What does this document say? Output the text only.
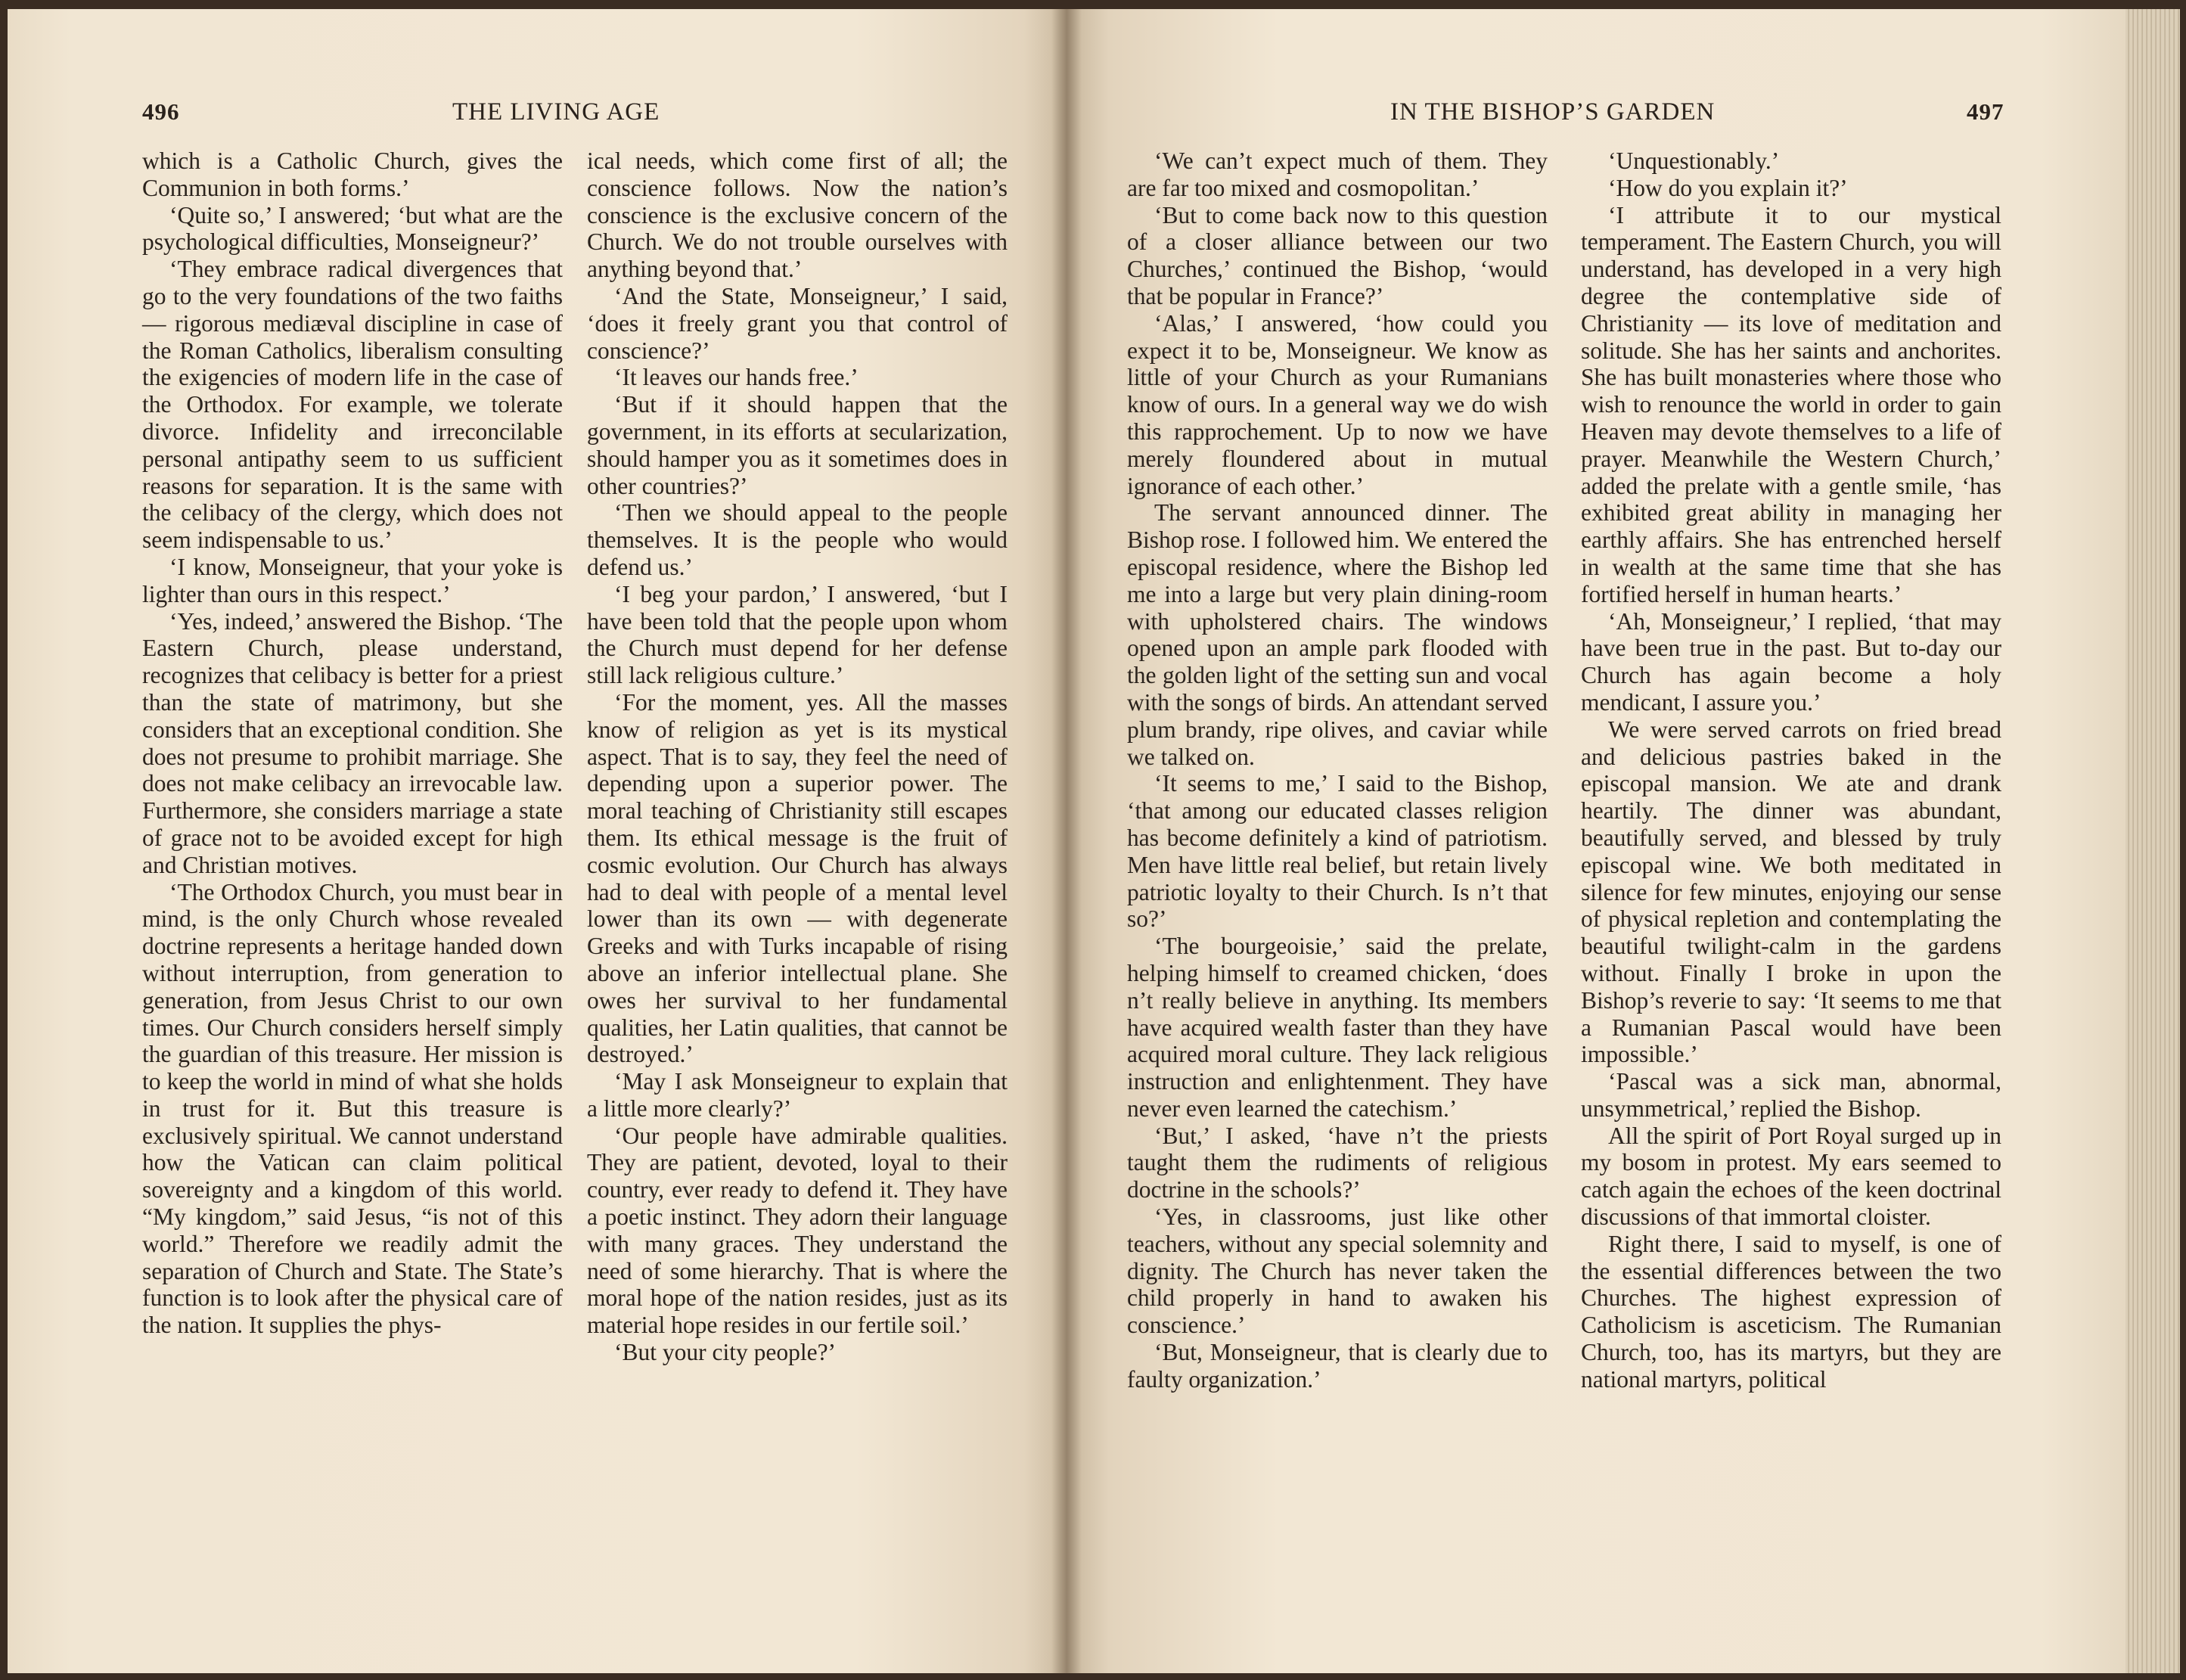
496	THE LIVING AGE

which is a Catholic Church, gives the Communion in both forms.’

‘Quite so,’ I answered; ‘but what are the psychological difficulties, Monseigneur?’

‘They embrace radical divergences that go to the very foundations of the two faiths — rigorous mediæval discipline in case of the Roman Catholics, liberalism consulting the exigencies of modern life in the case of the Orthodox. For example, we tolerate divorce. Infidelity and irreconcilable personal antipathy seem to us sufficient reasons for separation. It is the same with the celibacy of the clergy, which does not seem indispensable to us.’

‘I know, Monseigneur, that your yoke is lighter than ours in this respect.’

‘Yes, indeed,’ answered the Bishop. ‘The Eastern Church, please understand, recognizes that celibacy is better for a priest than the state of matrimony, but she considers that an exceptional condition. She does not presume to prohibit marriage. She does not make celibacy an irrevocable law. Furthermore, she considers marriage a state of grace not to be avoided except for high and Christian motives.

‘The Orthodox Church, you must bear in mind, is the only Church whose revealed doctrine represents a heritage handed down without interruption, from generation to generation, from Jesus Christ to our own times. Our Church considers herself simply the guardian of this treasure. Her mission is to keep the world in mind of what she holds in trust for it. But this treasure is exclusively spiritual. We cannot understand how the Vatican can claim political sovereignty and a kingdom of this world. “My kingdom,” said Jesus, “is not of this world.” Therefore we readily admit the separation of Church and State. The State’s function is to look after the physical care of the nation. It supplies the phys-

ical needs, which come first of all; the conscience follows. Now the nation’s conscience is the exclusive concern of the Church. We do not trouble ourselves with anything beyond that.’

‘And the State, Monseigneur,’ I said, ‘does it freely grant you that control of conscience?’

‘It leaves our hands free.’

‘But if it should happen that the government, in its efforts at secularization, should hamper you as it sometimes does in other countries?’

‘Then we should appeal to the people themselves. It is the people who would defend us.’

‘I beg your pardon,’ I answered, ‘but I have been told that the people upon whom the Church must depend for her defense still lack religious culture.’

‘For the moment, yes. All the masses know of religion as yet is its mystical aspect. That is to say, they feel the need of depending upon a superior power. The moral teaching of Christianity still escapes them. Its ethical message is the fruit of cosmic evolution. Our Church has always had to deal with people of a mental level lower than its own — with degenerate Greeks and with Turks incapable of rising above an inferior intellectual plane. She owes her survival to her fundamental qualities, her Latin qualities, that cannot be destroyed.’

‘May I ask Monseigneur to explain that a little more clearly?’

‘Our people have admirable qualities. They are patient, devoted, loyal to their country, ever ready to defend it. They have a poetic instinct. They adorn their language with many graces. They understand the need of some hierarchy. That is where the moral hope of the nation resides, just as its material hope resides in our fertile soil.’

‘But your city people?’

IN THE BISHOP’S GARDEN	497

‘We can’t expect much of them. They are far too mixed and cosmopolitan.’

‘But to come back now to this question of a closer alliance between our two Churches,’ continued the Bishop, ‘would that be popular in France?’

‘Alas,’ I answered, ‘how could you expect it to be, Monseigneur. We know as little of your Church as your Rumanians know of ours. In a general way we do wish this rapprochement. Up to now we have merely floundered about in mutual ignorance of each other.’

The servant announced dinner. The Bishop rose. I followed him. We entered the episcopal residence, where the Bishop led me into a large but very plain dining-room with upholstered chairs. The windows opened upon an ample park flooded with the golden light of the setting sun and vocal with the songs of birds. An attendant served plum brandy, ripe olives, and caviar while we talked on.

‘It seems to me,’ I said to the Bishop, ‘that among our educated classes religion has become definitely a kind of patriotism. Men have little real belief, but retain lively patriotic loyalty to their Church. Is n’t that so?’

‘The bourgeoisie,’ said the prelate, helping himself to creamed chicken, ‘does n’t really believe in anything. Its members have acquired wealth faster than they have acquired moral culture. They lack religious instruction and enlightenment. They have never even learned the catechism.’

‘But,’ I asked, ‘have n’t the priests taught them the rudiments of religious doctrine in the schools?’

‘Yes, in classrooms, just like other teachers, without any special solemnity and dignity. The Church has never taken the child properly in hand to awaken his conscience.’

‘But, Monseigneur, that is clearly due to faulty organization.’

‘Unquestionably.’

‘How do you explain it?’

‘I attribute it to our mystical temperament. The Eastern Church, you will understand, has developed in a very high degree the contemplative side of Christianity — its love of meditation and solitude. She has her saints and anchorites. She has built monasteries where those who wish to renounce the world in order to gain Heaven may devote themselves to a life of prayer. Meanwhile the Western Church,’ added the prelate with a gentle smile, ‘has exhibited great ability in managing her earthly affairs. She has entrenched herself in wealth at the same time that she has fortified herself in human hearts.’

‘Ah, Monseigneur,’ I replied, ‘that may have been true in the past. But to-day our Church has again become a holy mendicant, I assure you.’

We were served carrots on fried bread and delicious pastries baked in the episcopal mansion. We ate and drank heartily. The dinner was abundant, beautifully served, and blessed by truly episcopal wine. We both meditated in silence for few minutes, enjoying our sense of physical repletion and contemplating the beautiful twilight-calm in the gardens without. Finally I broke in upon the Bishop’s reverie to say: ‘It seems to me that a Rumanian Pascal would have been impossible.’

‘Pascal was a sick man, abnormal, unsymmetrical,’ replied the Bishop.

All the spirit of Port Royal surged up in my bosom in protest. My ears seemed to catch again the echoes of the keen doctrinal discussions of that immortal cloister.

Right there, I said to myself, is one of the essential differences between the two Churches. The highest expression of Catholicism is asceticism. The Rumanian Church, too, has its martyrs, but they are national martyrs, political
